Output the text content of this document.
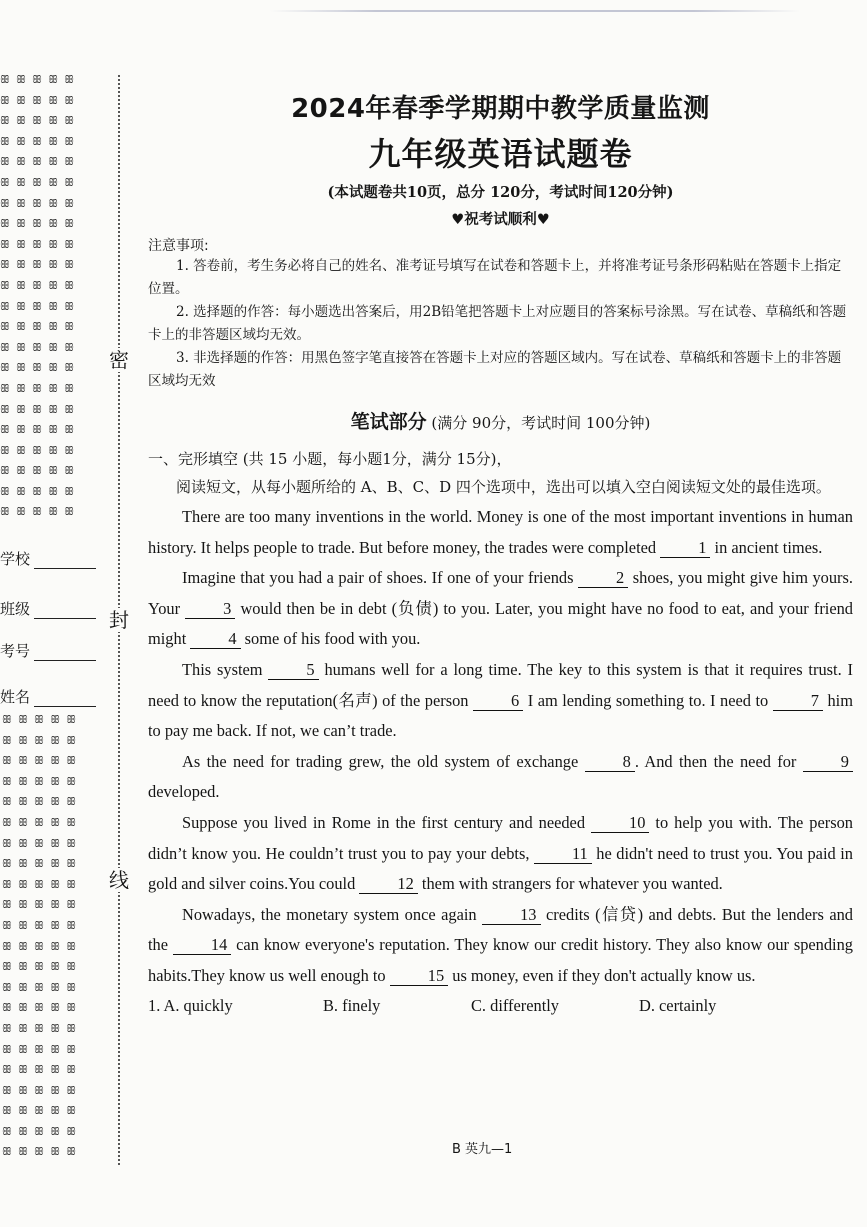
ꕥ ꕥ ꕥ ꕥ ꕥ
ꕥ ꕥ ꕥ ꕥ ꕥ
ꕥ ꕥ ꕥ ꕥ ꕥ
ꕥ ꕥ ꕥ ꕥ ꕥ
ꕥ ꕥ ꕥ ꕥ ꕥ
ꕥ ꕥ ꕥ ꕥ ꕥ
ꕥ ꕥ ꕥ ꕥ ꕥ
ꕥ ꕥ ꕥ ꕥ ꕥ
ꕥ ꕥ ꕥ ꕥ ꕥ
ꕥ ꕥ ꕥ ꕥ ꕥ
ꕥ ꕥ ꕥ ꕥ ꕥ
ꕥ ꕥ ꕥ ꕥ ꕥ
ꕥ ꕥ ꕥ ꕥ ꕥ
ꕥ ꕥ ꕥ ꕥ ꕥ
ꕥ ꕥ ꕥ ꕥ ꕥ
ꕥ ꕥ ꕥ ꕥ ꕥ
ꕥ ꕥ ꕥ ꕥ ꕥ
ꕥ ꕥ ꕥ ꕥ ꕥ
ꕥ ꕥ ꕥ ꕥ ꕥ
ꕥ ꕥ ꕥ ꕥ ꕥ
ꕥ ꕥ ꕥ ꕥ ꕥ
ꕥ ꕥ ꕥ ꕥ ꕥ
ꕥ ꕥ ꕥ ꕥ ꕥ
ꕥ ꕥ ꕥ ꕥ ꕥ
ꕥ ꕥ ꕥ ꕥ ꕥ
ꕥ ꕥ ꕥ ꕥ ꕥ
ꕥ ꕥ ꕥ ꕥ ꕥ
ꕥ ꕥ ꕥ ꕥ ꕥ
ꕥ ꕥ ꕥ ꕥ ꕥ
ꕥ ꕥ ꕥ ꕥ ꕥ
ꕥ ꕥ ꕥ ꕥ ꕥ
ꕥ ꕥ ꕥ ꕥ ꕥ
ꕥ ꕥ ꕥ ꕥ ꕥ
ꕥ ꕥ ꕥ ꕥ ꕥ
ꕥ ꕥ ꕥ ꕥ ꕥ
ꕥ ꕥ ꕥ ꕥ ꕥ
ꕥ ꕥ ꕥ ꕥ ꕥ
ꕥ ꕥ ꕥ ꕥ ꕥ
ꕥ ꕥ ꕥ ꕥ ꕥ
ꕥ ꕥ ꕥ ꕥ ꕥ
ꕥ ꕥ ꕥ ꕥ ꕥ
ꕥ ꕥ ꕥ ꕥ ꕥ
ꕥ ꕥ ꕥ ꕥ ꕥ
ꕥ ꕥ ꕥ ꕥ ꕥ
学校
班级
考号
姓名
密
封
线
2024年春季学期期中教学质量监测
九年级英语试题卷
(本试题卷共10页，总分 120分，考试时间120分钟)
♥祝考试顺利♥
注意事项:

1. 答卷前，考生务必将自己的姓名、准考证号填写在试卷和答题卡上，并将准考证号条形码粘贴在答题卡上指定位置。

2. 选择题的作答：每小题选出答案后，用2B铅笔把答题卡上对应题目的答案标号涂黑。写在试卷、草稿纸和答题卡上的非答题区域均无效。

3. 非选择题的作答：用黑色签字笔直接答在答题卡上对应的答题区域内。写在试卷、草稿纸和答题卡上的非答题区域均无效

笔试部分 (满分 90分，考试时间 100分钟)
一、完形填空 (共 15 小题，每小题1分，满分 15分)，

阅读短文，从每小题所给的 A、B、C、D 四个选项中，选出可以填入空白阅读短文处的最佳选项。

There are too many inventions in the world. Money is one of the most important inventions in human history. It helps people to trade. But before money, the trades were completed	1 in ancient times.

Imagine that you had a pair of shoes. If one of your friends	2 shoes, you might give him yours. Your	3 would then be in debt (负债) to you. Later, you might have no food to eat, and your friend might	4 some of his food with you.

This system	5 humans well for a long time. The key to this system is that it requires trust. I need to know the reputation(名声) of the person	6 I am lending something to. I need to	7 him to pay me back. If not, we can’t trade.

As the need for trading grew, the old system of exchange	8 . And then the need for	9 developed.

Suppose you lived in Rome in the first century and needed	10 to help you with. The person didn’t know you. He couldn’t trust you to pay your debts,	11 he didn't need to trust you. You paid in gold and silver coins.You could	12 them with strangers for whatever you wanted.

Nowadays, the monetary system once again	13 credits (信贷) and debts. But the lenders and the	14 can know everyone's reputation. They know our credit history. They also know our spending habits.They know us well enough to	15 us money, even if they don't actually know us.

1. A. quickly	B. finely	C. differently	D. certainly
B 英九—1
